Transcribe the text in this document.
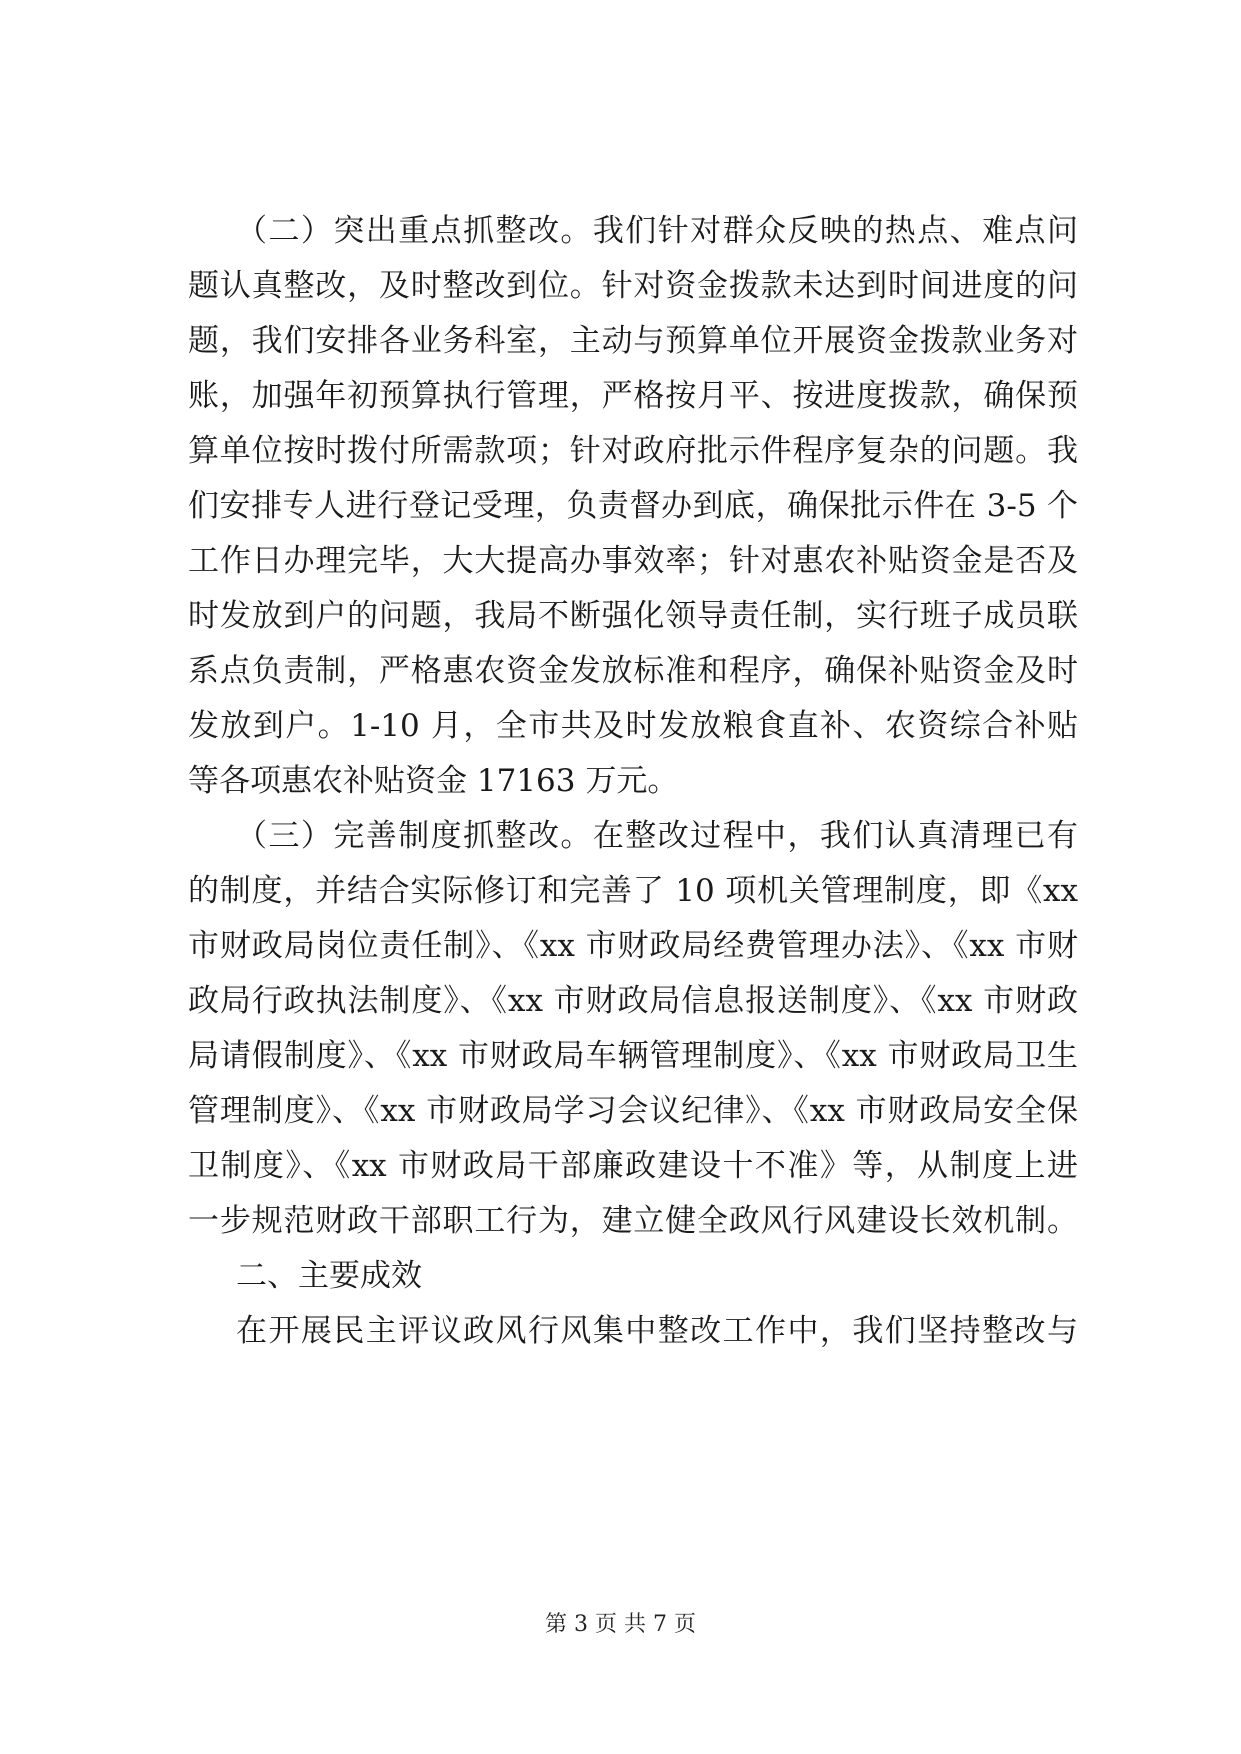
（二）突出重点抓整改。我们针对群众反映的热点、难点问
题认真整改，及时整改到位。针对资金拨款未达到时间进度的问
题，我们安排各业务科室，主动与预算单位开展资金拨款业务对
账，加强年初预算执行管理，严格按月平、按进度拨款，确保预
算单位按时拨付所需款项；针对政府批示件程序复杂的问题。我
们安排专人进行登记受理，负责督办到底，确保批示件在 3-5 个
工作日办理完毕，大大提高办事效率；针对惠农补贴资金是否及
时发放到户的问题，我局不断强化领导责任制，实行班子成员联
系点负责制，严格惠农资金发放标准和程序，确保补贴资金及时
发放到户。1-10 月，全市共及时发放粮食直补、农资综合补贴
等各项惠农补贴资金 17163 万元。
（三）完善制度抓整改。在整改过程中，我们认真清理已有
的制度，并结合实际修订和完善了 10 项机关管理制度，即《xx
市财政局岗位责任制》、《xx 市财政局经费管理办法》、《xx 市财
政局行政执法制度》、《xx 市财政局信息报送制度》、《xx 市财政
局请假制度》、《xx 市财政局车辆管理制度》、《xx 市财政局卫生
管理制度》、《xx 市财政局学习会议纪律》、《xx 市财政局安全保
卫制度》、《xx 市财政局干部廉政建设十不准》等，从制度上进
一步规范财政干部职工行为，建立健全政风行风建设长效机制。
二、主要成效
在开展民主评议政风行风集中整改工作中，我们坚持整改与
第 3 页 共 7 页
